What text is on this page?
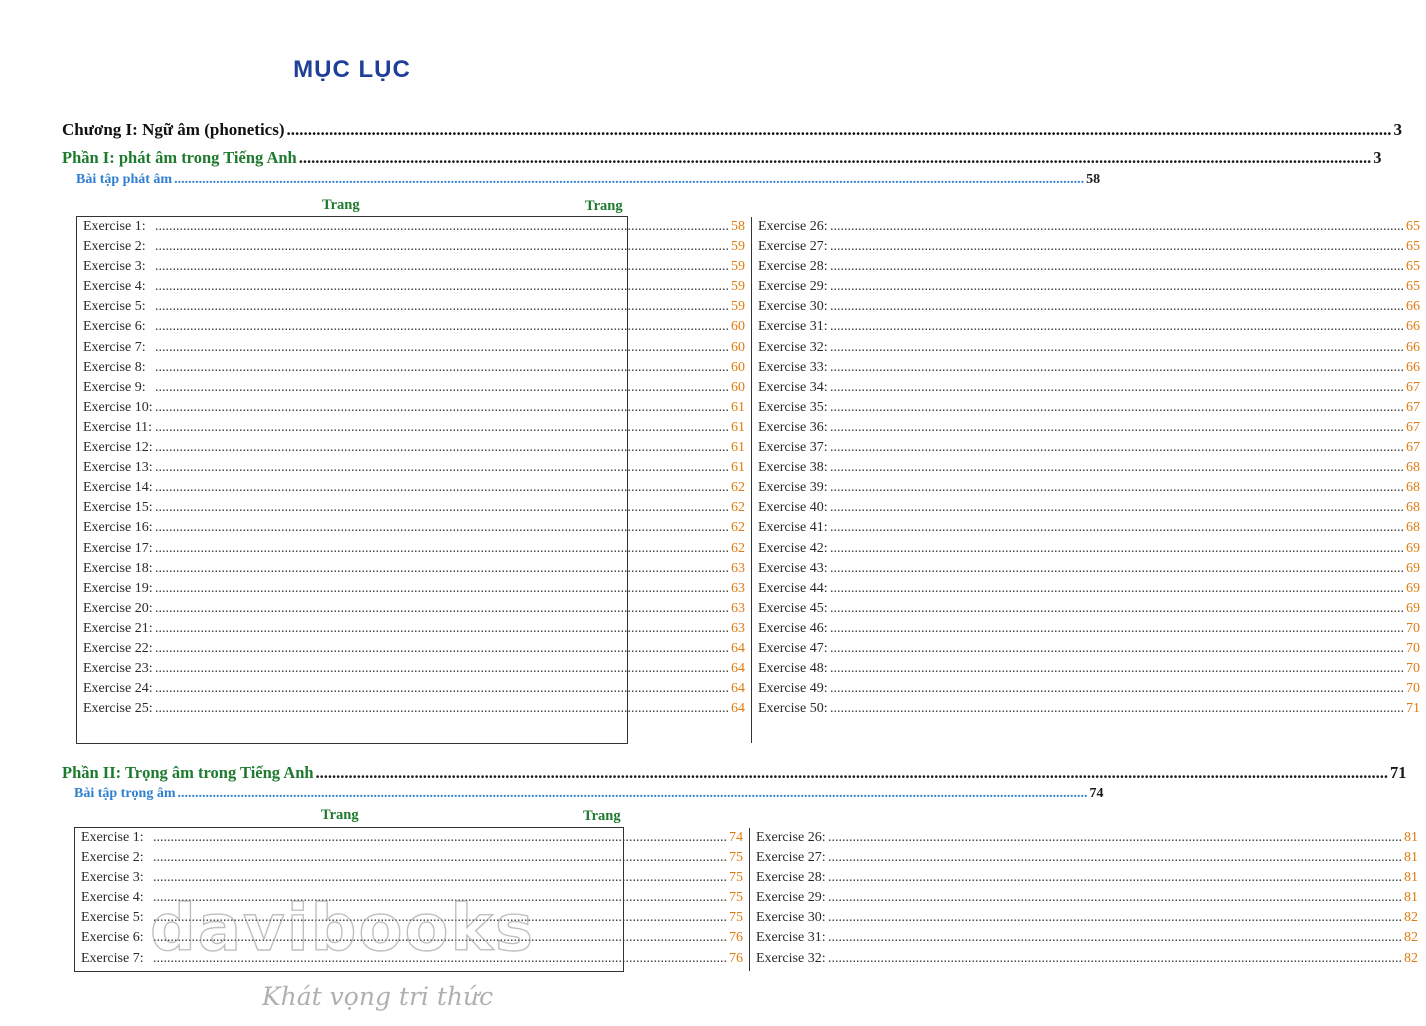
MỤC LỤC
Chương I: Ngữ âm (phonetics) .....	3
Phần I: phát âm trong Tiếng Anh .....	3
Bài tập phát âm .....	58
Trang	Trang
Exercise 1: .....	58
Exercise 2: .....	59
Exercise 3: .....	59
Exercise 4: .....	59
Exercise 5: .....	59
Exercise 6: .....	60
Exercise 7: .....	60
Exercise 8: .....	60
Exercise 9: .....	60
Exercise 10: .....	61
Exercise 11: .....	61
Exercise 12: .....	61
Exercise 13: .....	61
Exercise 14: .....	62
Exercise 15: .....	62
Exercise 16: .....	62
Exercise 17: .....	62
Exercise 18: .....	63
Exercise 19: .....	63
Exercise 20: .....	63
Exercise 21: .....	63
Exercise 22: .....	64
Exercise 23: .....	64
Exercise 24: .....	64
Exercise 25: .....	64
Exercise 26: .....	65
Exercise 27: .....	65
Exercise 28: .....	65
Exercise 29: .....	65
Exercise 30: .....	66
Exercise 31: .....	66
Exercise 32: .....	66
Exercise 33: .....	66
Exercise 34: .....	67
Exercise 35: .....	67
Exercise 36: .....	67
Exercise 37: .....	67
Exercise 38: .....	68
Exercise 39: .....	68
Exercise 40: .....	68
Exercise 41: .....	68
Exercise 42: .....	69
Exercise 43: .....	69
Exercise 44: .....	69
Exercise 45: .....	69
Exercise 46: .....	70
Exercise 47: .....	70
Exercise 48: .....	70
Exercise 49: .....	70
Exercise 50: .....	71
Phần II: Trọng âm trong Tiếng Anh .....	71
Bài tập trọng âm .....	74
Trang	Trang
Exercise 1: .....	74
Exercise 2: .....	75
Exercise 3: .....	75
Exercise 4: .....	75
Exercise 5: .....	75
Exercise 6: .....	76
Exercise 7: .....	76
Exercise 26: .....	81
Exercise 27: .....	81
Exercise 28: .....	81
Exercise 29: .....	81
Exercise 30: .....	82
Exercise 31: .....	82
Exercise 32: .....	82
davibooks
Khát vọng tri thức
